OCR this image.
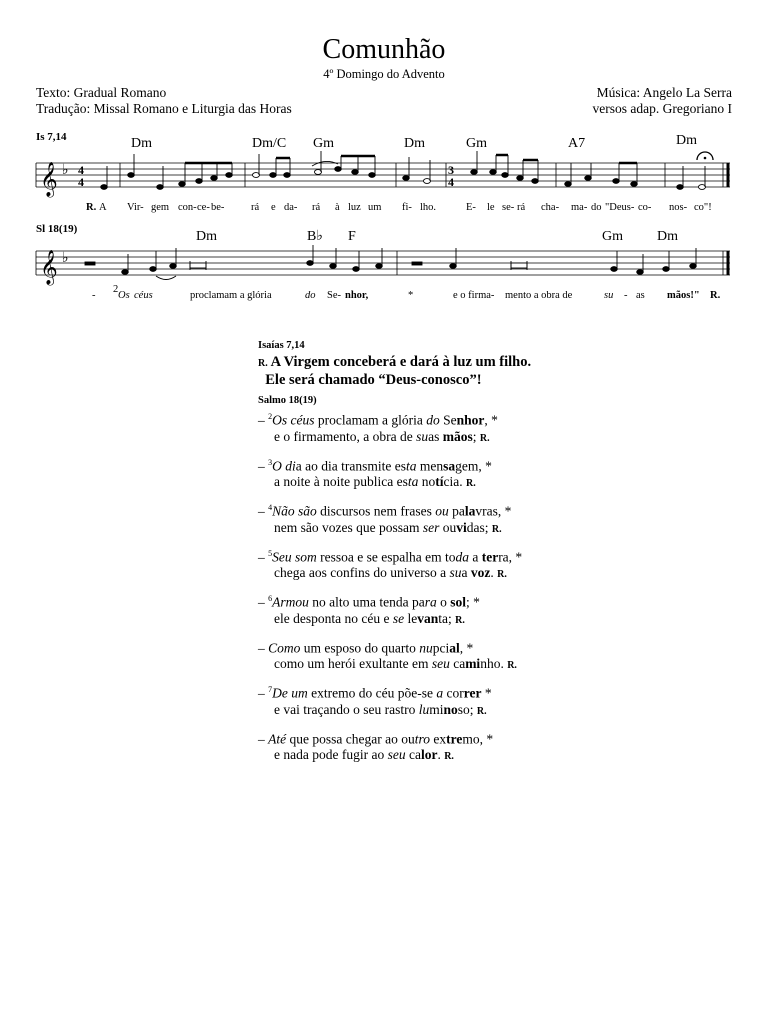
Comunhão
4º Domingo do Advento
Texto: Gradual Romano
Tradução: Missal Romano e Liturgia das Horas
Música: Angelo La Serra
versos adap. Gregoriano I
Is 7,14	Dm	Dm/C Gm	Dm	Gm	A7	Dm
𝄞 ♭ 4
4
3
4
R. A Vir- gem con- ce- be-	rá e da- rá à luz um fi- lho.	E- le se- rá cha- ma- do "Deus- co- nos- co"!
Sl 18(19)	Dm	B♭ F	Gm Dm
𝄞 ♭
-
2
Os céus	proclamam a glória	do Se- nhor,	*	e o firma- mento a obra de	su - as mãos!" R.
Isaías 7,14
R. A Virgem conceberá e dará à luz um filho.
Ele será chamado “Deus-conosco”!
Salmo 18(19)
– $^2$Os céus proclamam a glória do Senhor, *
e o firmamento, a obra de suas mãos; R.
– $^3$O dia ao dia transmite esta mensagem, *
a noite à noite publica esta notícia. R.
– $^4$Não são discursos nem frases ou palavras, *
nem são vozes que possam ser ouvidas; R.
– $^5$Seu som ressoa e se espalha em toda a terra, *
chega aos confins do universo a sua voz. R.
– $^6$Armou no alto uma tenda para o sol; *
ele desponta no céu e se levanta; R.
– Como um esposo do quarto nupcial, *
como um herói exultante em seu caminho. R.
– $^7$De um extremo do céu põe-se a correr *
e vai traçando o seu rastro luminoso; R.
– Até que possa chegar ao outro extremo, *
e nada pode fugir ao seu calor. R.
